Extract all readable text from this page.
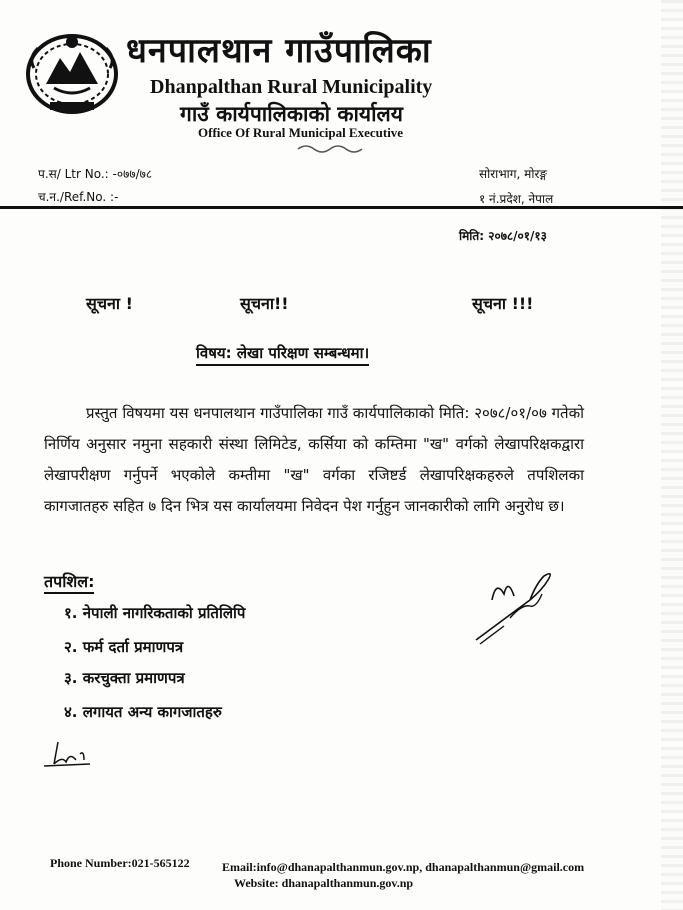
धनपालथान गाउँपालिका
Dhanpalthan Rural Municipality
गाउँ कार्यपालिकाको कार्यालय
Office Of Rural Municipal Executive
प.स/ Ltr No.: -०७७/७८
च.न./Ref.No. :-
सोराभाग, मोरङ्ग
१ नं.प्रदेश, नेपाल
मिति: २०७८/०१/१३
सूचना !	सूचना!!	सूचना !!!
विषय: लेखा परिक्षण सम्बन्धमा।
प्रस्तुत विषयमा यस धनपालथान गाउँपालिका गाउँ कार्यपालिकाको मिति: २०७८/०१/०७ गतेको निर्णिय अनुसार नमुना सहकारी संस्था लिमिटेड, कर्सिया को कम्तिमा "ख" वर्गको लेखापरिक्षकद्वारा लेखापरीक्षण गर्नुपर्ने भएकोले कम्तीमा "ख" वर्गका रजिष्टर्ड लेखापरिक्षकहरुले तपशिलका कागजातहरु सहित ७ दिन भित्र यस कार्यालयमा निवेदन पेश गर्नुहुन जानकारीको लागि अनुरोध छ।
तपशिल:
१. नेपाली नागरिकताको प्रतिलिपि
२. फर्म दर्ता प्रमाणपत्र
३. करचुक्ता प्रमाणपत्र
४. लगायत अन्य कागजातहरु
Phone Number:021-565122	Email:info@dhanapalthanmun.gov.np, dhanapalthanmun@gmail.com
Website: dhanapalthanmun.gov.np
